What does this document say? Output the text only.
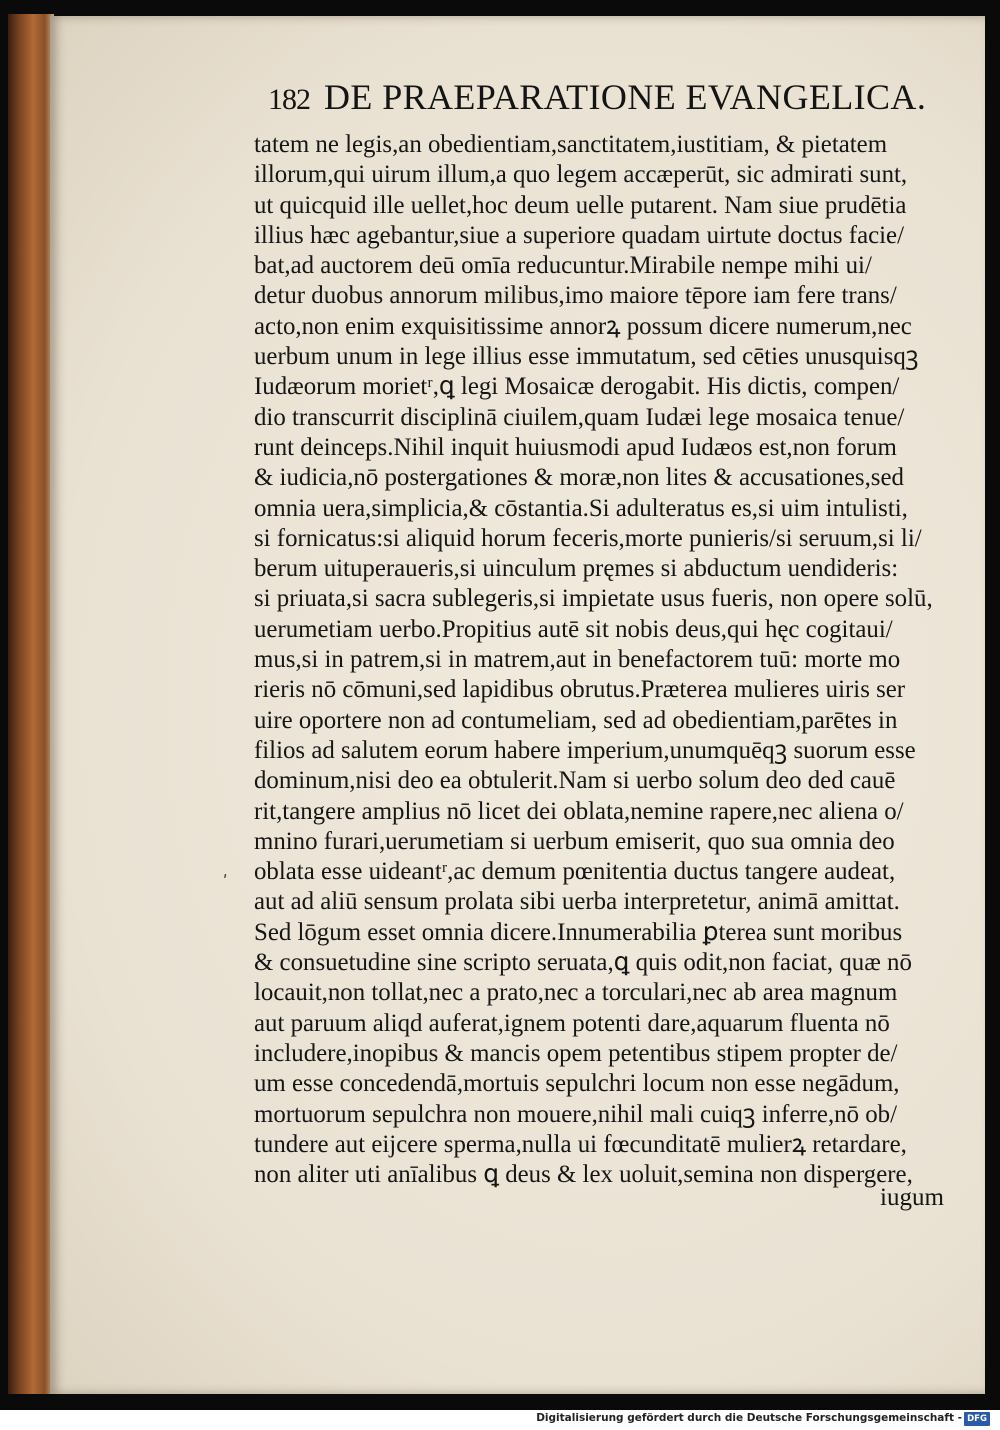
182 DE PRAEPARATIONE EVANGELICA.
ʹ
tatem ne legis,an obedientiam,sanctitatem,iustitiam, & pietatem
illorum,qui uirum illum,a quo legem accæperūt, sic admirati sunt,
ut quicquid ille uellet,hoc deum uelle putarent. Nam siue prudētia
illius hæc agebantur,siue a superiore quadam uirtute doctus facie/
bat,ad auctorem deū omīa reducuntur.Mirabile nempe mihi ui/
detur duobus annorum milibus,imo maiore tēpore iam fere trans/
acto,non enim exquisitissime annorꝝ possum dicere numerum,nec
uerbum unum in lege illius esse immutatum, sed cēties unusquisqꝫ
Iudæorum morietʳ,ꝗ legi Mosaicæ derogabit. His dictis, compen/
dio transcurrit disciplinā ciuilem,quam Iudæi lege mosaica tenue/
runt deinceps.Nihil inquit huiusmodi apud Iudæos est,non forum
& iudicia,nō postergationes & moræ,non lites & accusationes,sed
omnia uera,simplicia,& cōstantia.Si adulteratus es,si uim intulisti,
si fornicatus:si aliquid horum feceris,morte punieris/si seruum,si li/
berum uituperaueris,si uinculum pręmes si abductum uendideris:
si priuata,si sacra sublegeris,si impietate usus fueris, non opere solū,
uerumetiam uerbo.Propitius autē sit nobis deus,qui hęc cogitaui/
mus,si in patrem,si in matrem,aut in benefactorem tuū: morte mo
rieris nō cōmuni,sed lapidibus obrutus.Præterea mulieres uiris ser
uire oportere non ad contumeliam, sed ad obedientiam,parētes in
filios ad salutem eorum habere imperium,unumquēqꝫ suorum esse
dominum,nisi deo ea obtulerit.Nam si uerbo solum deo ded cauē
rit,tangere amplius nō licet dei oblata,nemine rapere,nec aliena o/
mnino furari,uerumetiam si uerbum emiserit, quo sua omnia deo
oblata esse uideantʳ,ac demum pœnitentia ductus tangere audeat,
aut ad aliū sensum prolata sibi uerba interpretetur, animā amittat.
Sed lōgum esset omnia dicere.Innumerabilia ꝑterea sunt moribus
& consuetudine sine scripto seruata,ꝗ quis odit,non faciat, quæ nō
locauit,non tollat,nec a prato,nec a torculari,nec ab area magnum
aut paruum aliqd auferat,ignem potenti dare,aquarum fluenta nō
includere,inopibus & mancis opem petentibus stipem propter de/
um esse concedendā,mortuis sepulchri locum non esse negādum,
mortuorum sepulchra non mouere,nihil mali cuiqꝫ inferre,nō ob/
tundere aut eijcere sperma,nulla ui fœcunditatē mulierꝝ retardare,
non aliter uti anīalibus ꝗ deus & lex uoluit,semina non dispergere,
iugum
Digitalisierung gefördert durch die Deutsche Forschungsgemeinschaft - DFG
